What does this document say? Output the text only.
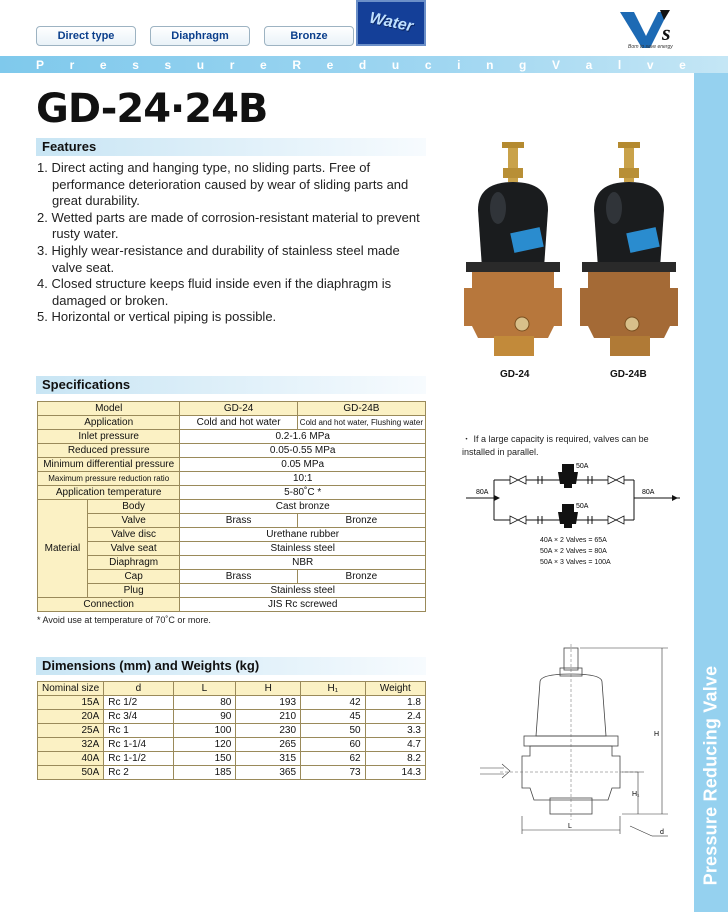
Direct type	Diaphragm	Bronze
Water	s
Born to save energy
P r e s s u r e R e d u c i n g V a l v e
Pressure Reducing Valve
GD-24·24B
Features
1. Direct acting and hanging type, no sliding parts. Free of performance deterioration caused by wear of sliding parts and great durability.
2. Wetted parts are made of corrosion-resistant material to prevent rusty water.
3. Highly wear-resistance and durability of stainless steel made valve seat.
4. Closed structure keeps fluid inside even if the diaphragm is damaged or broken.
5. Horizontal or vertical piping is possible.
GD-24	GD-24B
Specifications
Model		GD-24	GD-24B
Application		Cold and hot water	Cold and hot water, Flushing water
Inlet pressure		0.2-1.6 MPa	
Reduced pressure		0.05-0.55 MPa	
Minimum differential pressure		0.05 MPa	
Maximum pressure reduction ratio		10:1	
Application temperature		5-80˚C *	
Material	Body	Cast bronze	
	Valve	Brass	Bronze
	Valve disc	Urethane rubber	
	Valve seat	Stainless steel	
	Diaphragm	NBR	
	Cap	Brass	Bronze
	Plug	Stainless steel	
Connection		JIS Rc screwed	
* Avoid use at temperature of 70˚C or more.
・ If a large capacity is required, valves can be installed in parallel.
80A	80A
50A
50A
40A × 2 Valves = 65A
50A × 2 Valves = 80A
50A × 3 Valves = 100A
Dimensions (mm) and Weights (kg)
Nominal size	d	L	H	H₁	Weight
15A	Rc 1/2	80	193	42	1.8
20A	Rc 3/4	90	210	45	2.4
25A	Rc 1	100	230	50	3.3
32A	Rc 1-1/4	120	265	60	4.7
40A	Rc 1-1/2	150	315	62	8.2
50A	Rc 2	185	365	73	14.3
H
H₁
L
d
